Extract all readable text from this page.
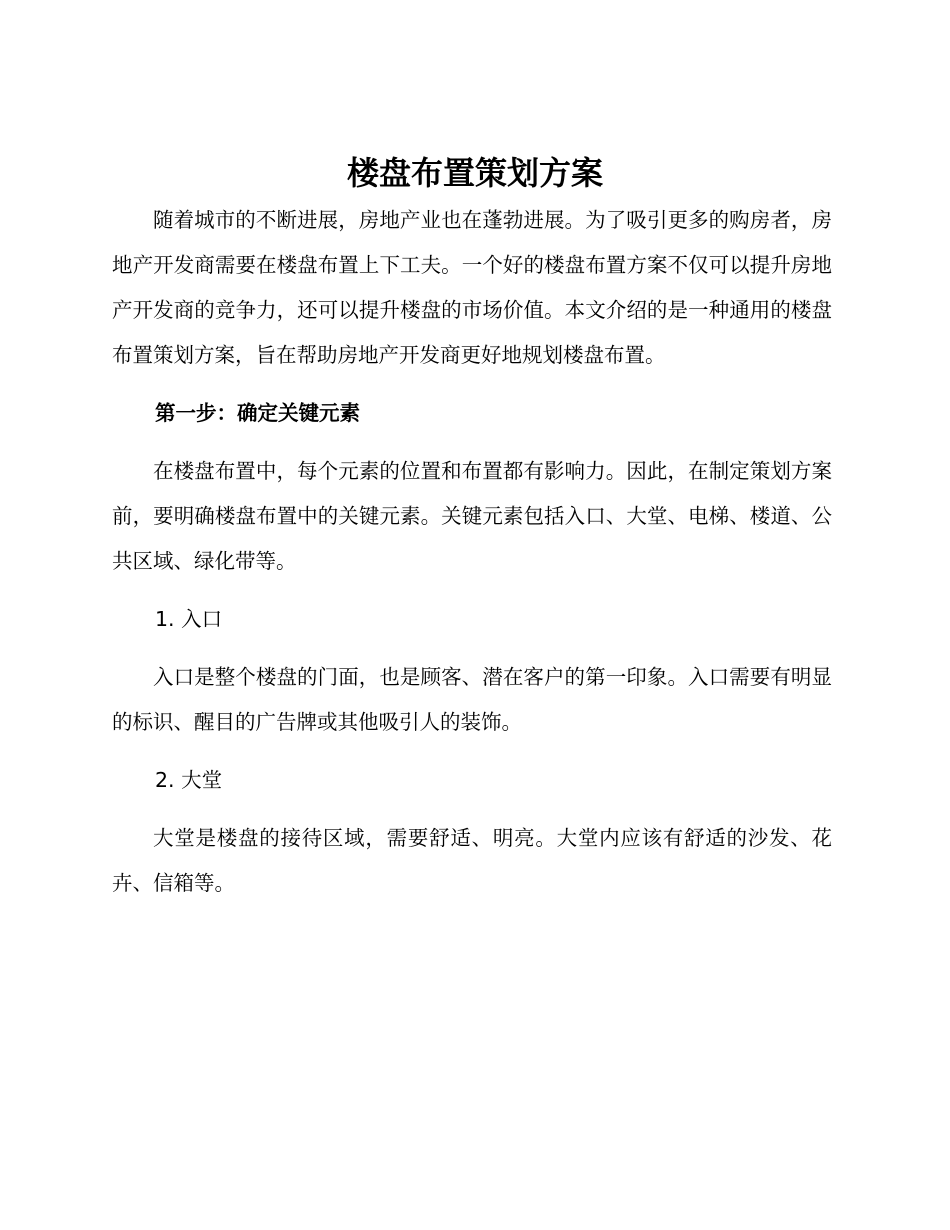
楼盘布置策划方案

随着城市的不断进展，房地产业也在蓬勃进展。为了吸引更多的购房者，房地产开发商需要在楼盘布置上下工夫。一个好的楼盘布置方案不仅可以提升房地产开发商的竞争力，还可以提升楼盘的市场价值。本文介绍的是一种通用的楼盘布置策划方案，旨在帮助房地产开发商更好地规划楼盘布置。

第一步：确定关键元素

在楼盘布置中，每个元素的位置和布置都有影响力。因此，在制定策划方案前，要明确楼盘布置中的关键元素。关键元素包括入口、大堂、电梯、楼道、公共区域、绿化带等。

1. 入口

入口是整个楼盘的门面，也是顾客、潜在客户的第一印象。入口需要有明显的标识、醒目的广告牌或其他吸引人的装饰。

2. 大堂

大堂是楼盘的接待区域，需要舒适、明亮。大堂内应该有舒适的沙发、花卉、信箱等。
